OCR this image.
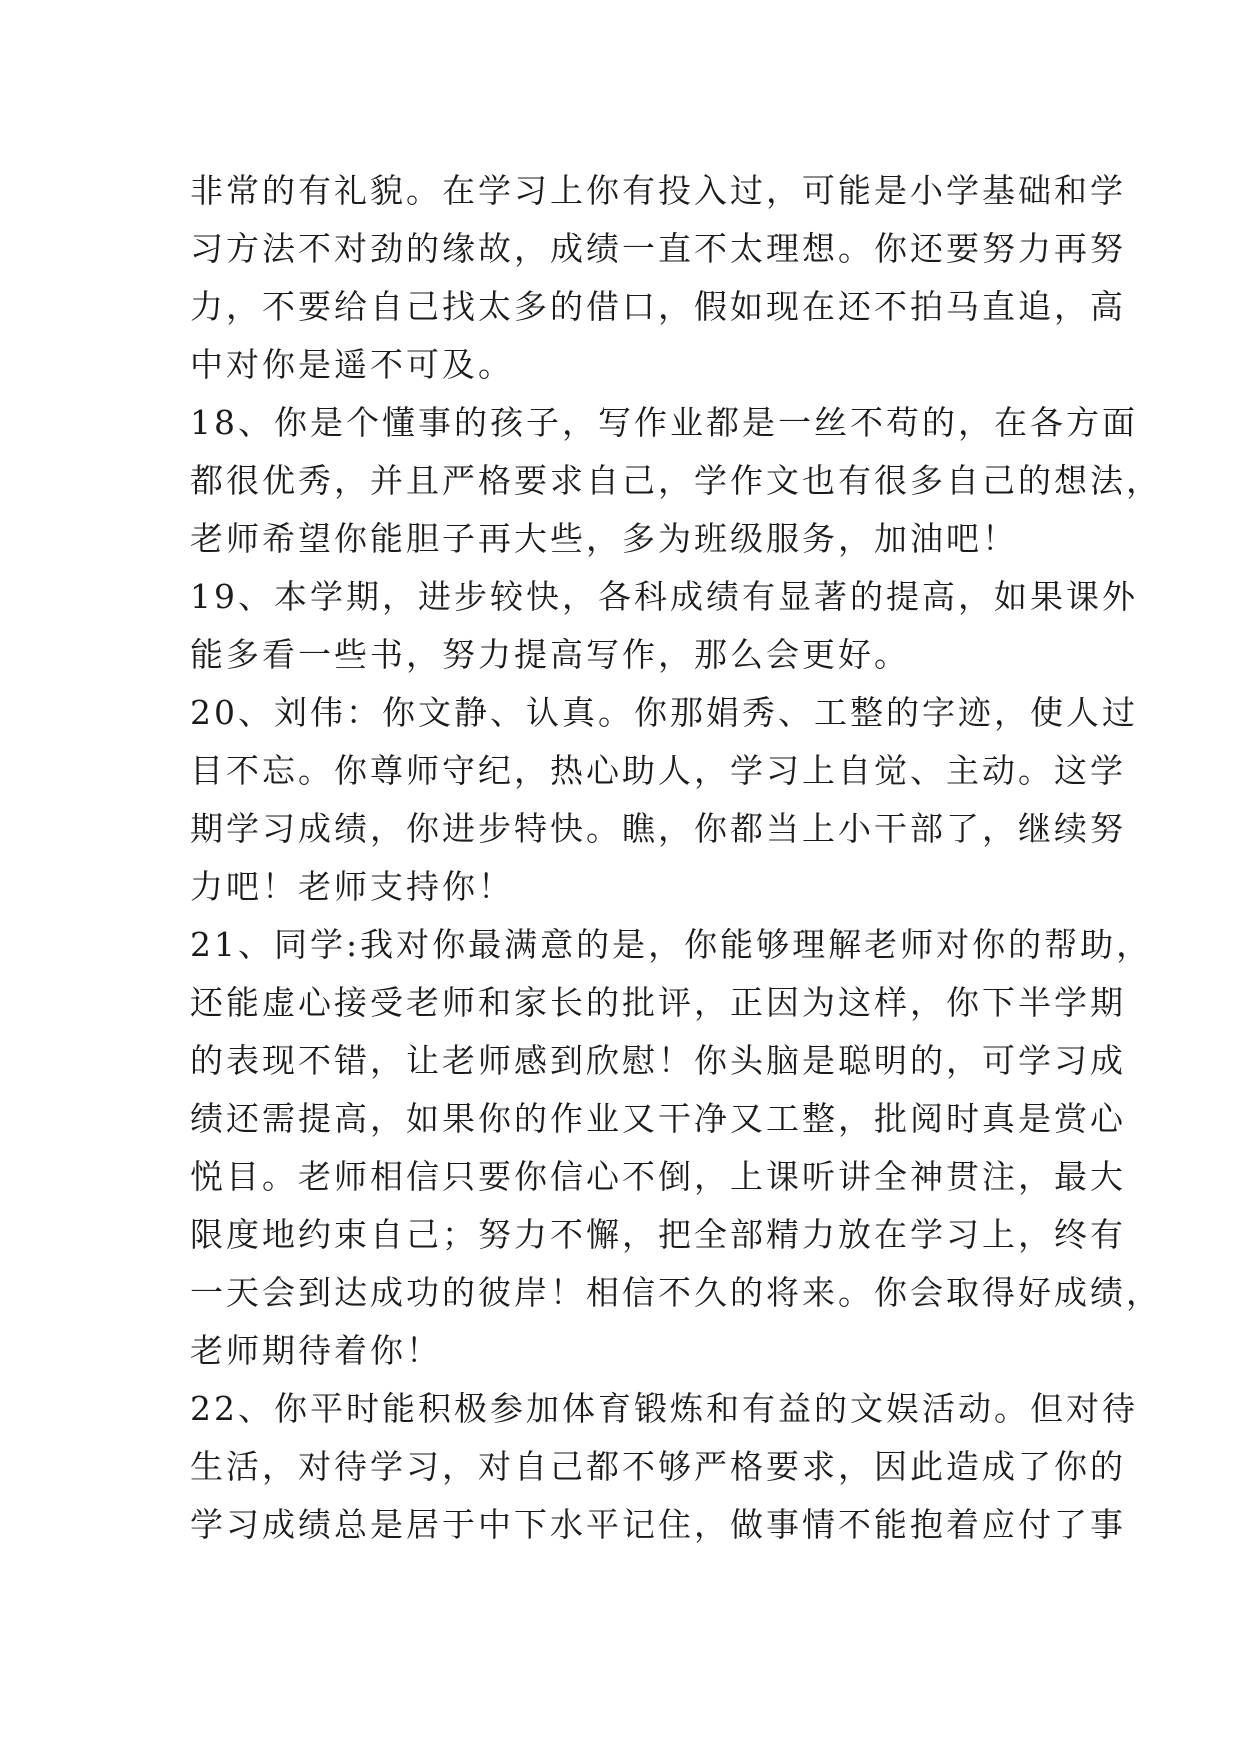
非常的有礼貌。在学习上你有投入过，可能是小学基础和学
习方法不对劲的缘故，成绩一直不太理想。你还要努力再努
力，不要给自己找太多的借口，假如现在还不拍马直追，高
中对你是遥不可及。
18、你是个懂事的孩子，写作业都是一丝不苟的，在各方面
都很优秀，并且严格要求自己，学作文也有很多自己的想法，
老师希望你能胆子再大些，多为班级服务，加油吧！
19、本学期，进步较快，各科成绩有显著的提高，如果课外
能多看一些书，努力提高写作，那么会更好。
20、刘伟：你文静、认真。你那娟秀、工整的字迹，使人过
目不忘。你尊师守纪，热心助人，学习上自觉、主动。这学
期学习成绩，你进步特快。瞧，你都当上小干部了，继续努
力吧！老师支持你！
21、同学:我对你最满意的是，你能够理解老师对你的帮助，
还能虚心接受老师和家长的批评，正因为这样，你下半学期
的表现不错，让老师感到欣慰！你头脑是聪明的，可学习成
绩还需提高，如果你的作业又干净又工整，批阅时真是赏心
悦目。老师相信只要你信心不倒，上课听讲全神贯注，最大
限度地约束自己；努力不懈，把全部精力放在学习上，终有
一天会到达成功的彼岸！相信不久的将来。你会取得好成绩，
老师期待着你！
22、你平时能积极参加体育锻炼和有益的文娱活动。但对待
生活，对待学习，对自己都不够严格要求，因此造成了你的
学习成绩总是居于中下水平记住，做事情不能抱着应付了事
